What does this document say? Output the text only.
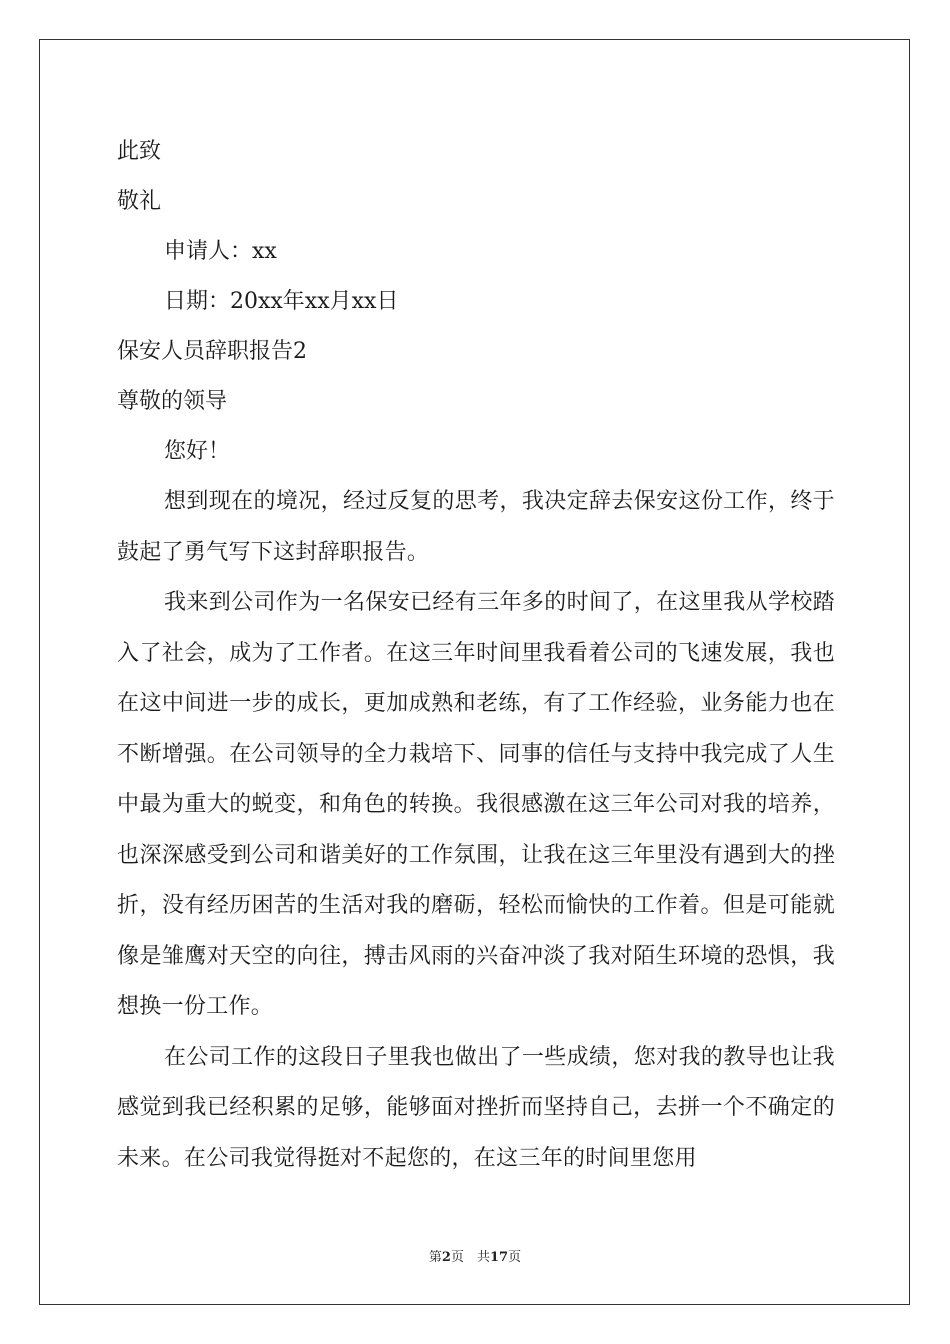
此致
敬礼
申请人：xx
日期：20xx年xx月xx日
保安人员辞职报告2
尊敬的领导
您好！

想到现在的境况，经过反复的思考，我决定辞去保安这份工作，终于鼓起了勇气写下这封辞职报告。

我来到公司作为一名保安已经有三年多的时间了，在这里我从学校踏入了社会，成为了工作者。在这三年时间里我看着公司的飞速发展，我也在这中间进一步的成长，更加成熟和老练，有了工作经验，业务能力也在不断增强。在公司领导的全力栽培下、同事的信任与支持中我完成了人生中最为重大的蜕变，和角色的转换。我很感激在这三年公司对我的培养，也深深感受到公司和谐美好的工作氛围，让我在这三年里没有遇到大的挫折，没有经历困苦的生活对我的磨砺，轻松而愉快的工作着。但是可能就像是雏鹰对天空的向往，搏击风雨的兴奋冲淡了我对陌生环境的恐惧，我想换一份工作。

在公司工作的这段日子里我也做出了一些成绩，您对我的教导也让我感觉到我已经积累的足够，能够面对挫折而坚持自己，去拼一个不确定的未来。在公司我觉得挺对不起您的，在这三年的时间里您用

第2页　共17页
